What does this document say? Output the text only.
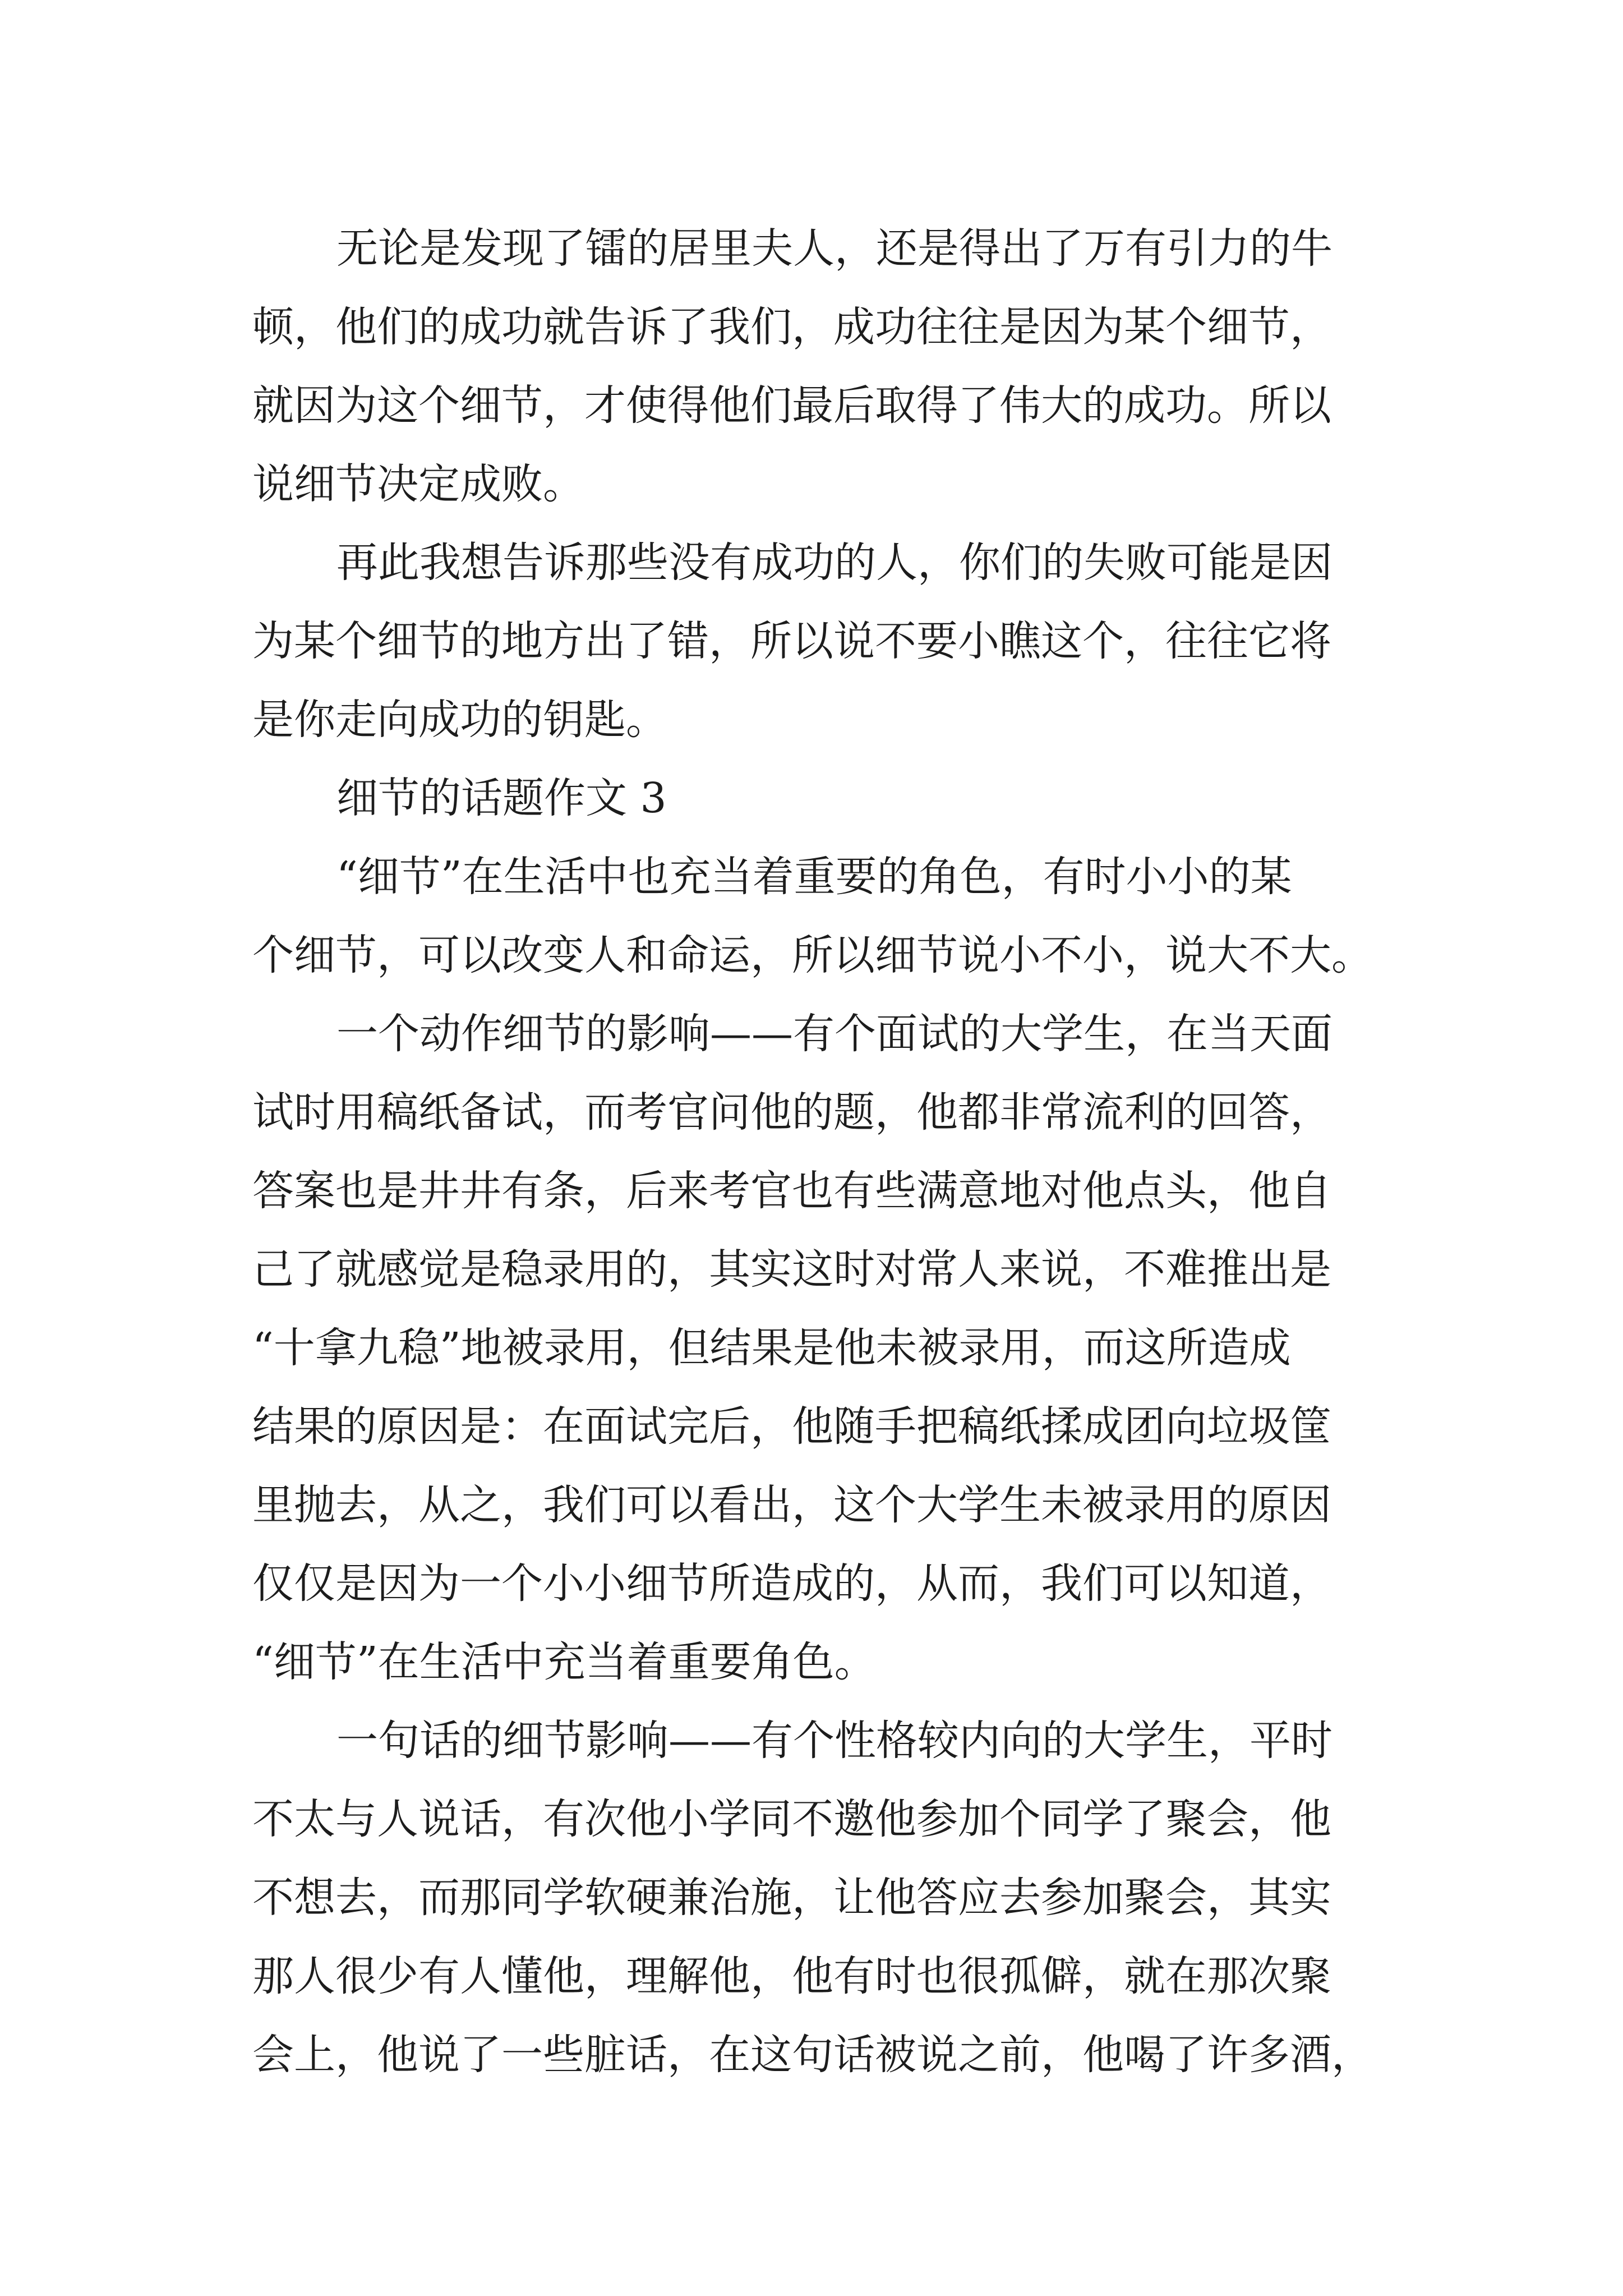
无论是发现了镭的居里夫人，还是得出了万有引力的牛
顿，他们的成功就告诉了我们，成功往往是因为某个细节，
就因为这个细节，才使得他们最后取得了伟大的成功。所以
说细节决定成败。
再此我想告诉那些没有成功的人，你们的失败可能是因
为某个细节的地方出了错，所以说不要小瞧这个，往往它将
是你走向成功的钥匙。
细节的话题作文 3
“细节”在生活中也充当着重要的角色，有时小小的某
个细节，可以改变人和命运，所以细节说小不小，说大不大。
一个动作细节的影响——有个面试的大学生，在当天面
试时用稿纸备试，而考官问他的题，他都非常流利的回答，
答案也是井井有条，后来考官也有些满意地对他点头，他自
己了就感觉是稳录用的，其实这时对常人来说，不难推出是
“十拿九稳”地被录用，但结果是他未被录用，而这所造成
结果的原因是：在面试完后，他随手把稿纸揉成团向垃圾筐
里抛去，从之，我们可以看出，这个大学生未被录用的原因
仅仅是因为一个小小细节所造成的，从而，我们可以知道，
“细节”在生活中充当着重要角色。
一句话的细节影响——有个性格较内向的大学生，平时
不太与人说话，有次他小学同不邀他参加个同学了聚会，他
不想去，而那同学软硬兼治施，让他答应去参加聚会，其实
那人很少有人懂他，理解他，他有时也很孤僻，就在那次聚
会上，他说了一些脏话，在这句话被说之前，他喝了许多酒，
